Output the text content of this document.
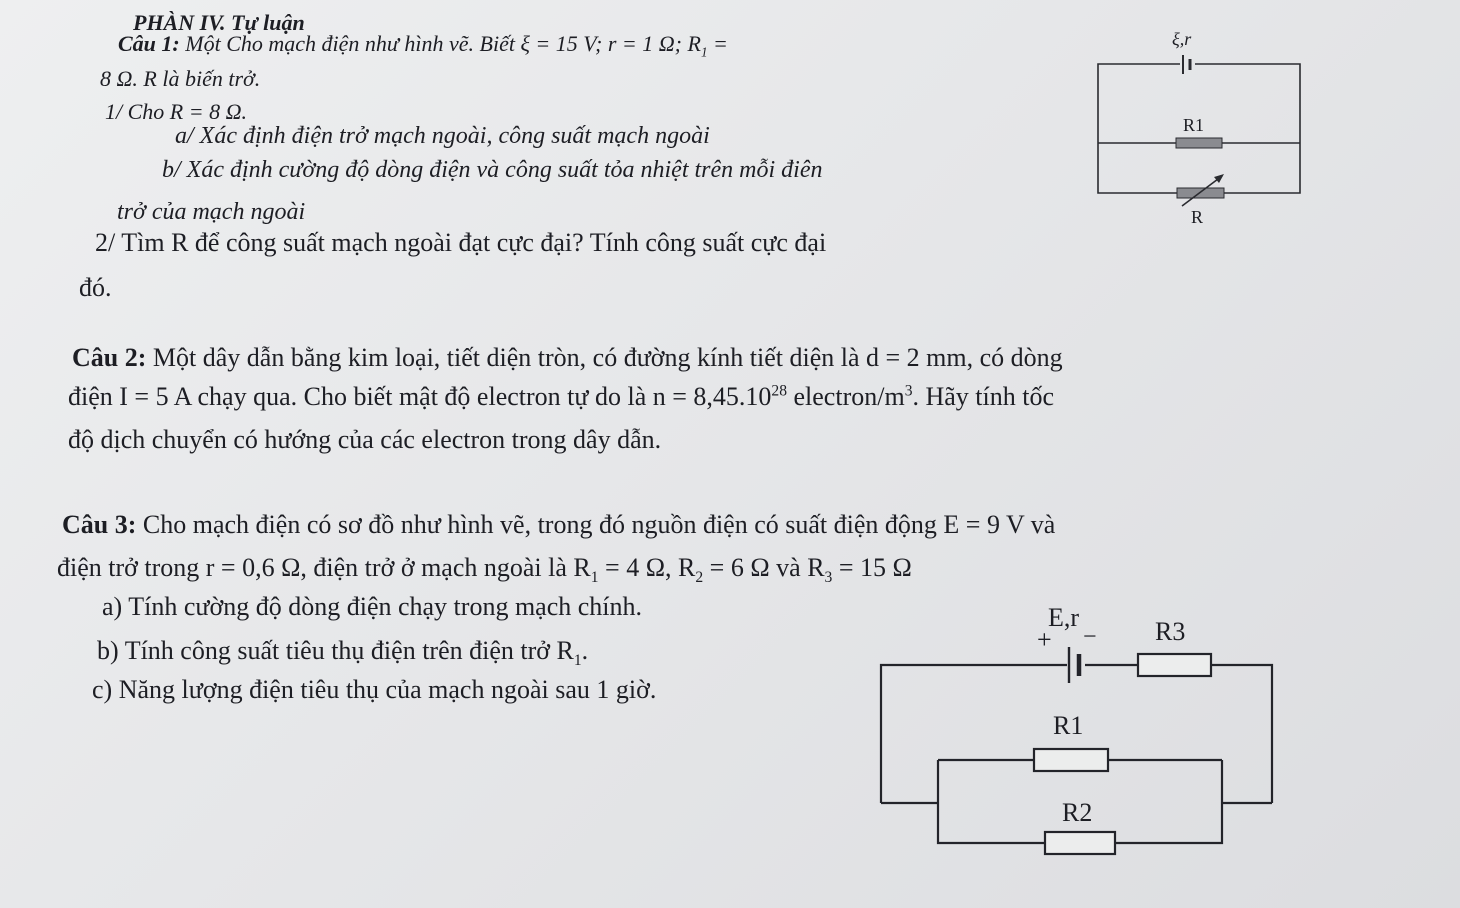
PHÀN IV. Tự luận
Câu 1: Một Cho mạch điện như hình vẽ. Biết ξ = 15 V; r = 1 Ω; $R_1$ =
8 Ω. R là biến trở.
1/ Cho R = 8 Ω.
a/ Xác định điện trở mạch ngoài, công suất mạch ngoài
b/ Xác định cường độ dòng điện và công suất tỏa nhiệt trên mỗi điên
trở của mạch ngoài
2/ Tìm R để công suất mạch ngoài đạt cực đại? Tính công suất cực đại
đó.
ξ,r
R1
R
Câu 2: Một dây dẫn bằng kim loại, tiết diện tròn, có đường kính tiết diện là d = 2 mm, có dòng
điện I = 5 A chạy qua. Cho biết mật độ electron tự do là $n = 8,45.10^{28}$ electron/$m^3$. Hãy tính tốc
độ dịch chuyển có hướng của các electron trong dây dẫn.
Câu 3: Cho mạch điện có sơ đồ như hình vẽ, trong đó nguồn điện có suất điện động E = 9 V và
điện trở trong r = 0,6 Ω, điện trở ở mạch ngoài là $R_1 = 4$ Ω, $R_2 = 6$ Ω và $R_3 = 15$ Ω
a) Tính cường độ dòng điện chạy trong mạch chính.
b) Tính công suất tiêu thụ điện trên điện trở $R_1$.
c) Năng lượng điện tiêu thụ của mạch ngoài sau 1 giờ.
E,r
+ − R3
R1
R2
